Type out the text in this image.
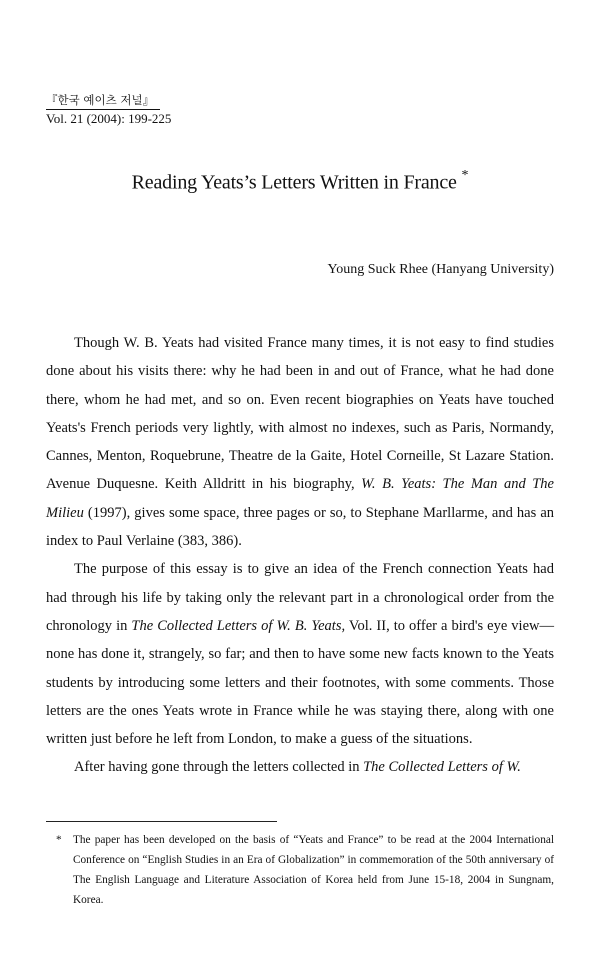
『한국 예이츠 저널』
Vol. 21 (2004): 199-225
Reading Yeats’s Letters Written in France *
Young Suck Rhee (Hanyang University)

Though W. B. Yeats had visited France many times, it is not easy to find studies done about his visits there: why he had been in and out of France, what he had done there, whom he had met, and so on. Even recent biographies on Yeats have touched Yeats's French periods very lightly, with almost no indexes, such as Paris, Normandy, Cannes, Menton, Roquebrune, Theatre de la Gaite, Hotel Corneille, St Lazare Station. Avenue Duquesne. Keith Alldritt in his biography, W. B. Yeats: The Man and The Milieu (1997), gives some space, three pages or so, to Stephane Marllarme, and has an index to Paul Verlaine (383, 386).

The purpose of this essay is to give an idea of the French connection Yeats had had through his life by taking only the relevant part in a chronological order from the chronology in The Collected Letters of W. B. Yeats, Vol. II, to offer a bird's eye view—none has done it, strangely, so far; and then to have some new facts known to the Yeats students by introducing some letters and their footnotes, with some comments. Those letters are the ones Yeats wrote in France while he was staying there, along with one written just before he left from London, to make a guess of the situations.

After having gone through the letters collected in The Collected Letters of W.

* The paper has been developed on the basis of “Yeats and France” to be read at the 2004 International Conference on “English Studies in an Era of Globalization” in commemoration of the 50th anniversary of The English Language and Literature Association of Korea held from June 15-18, 2004 in Sungnam, Korea.
